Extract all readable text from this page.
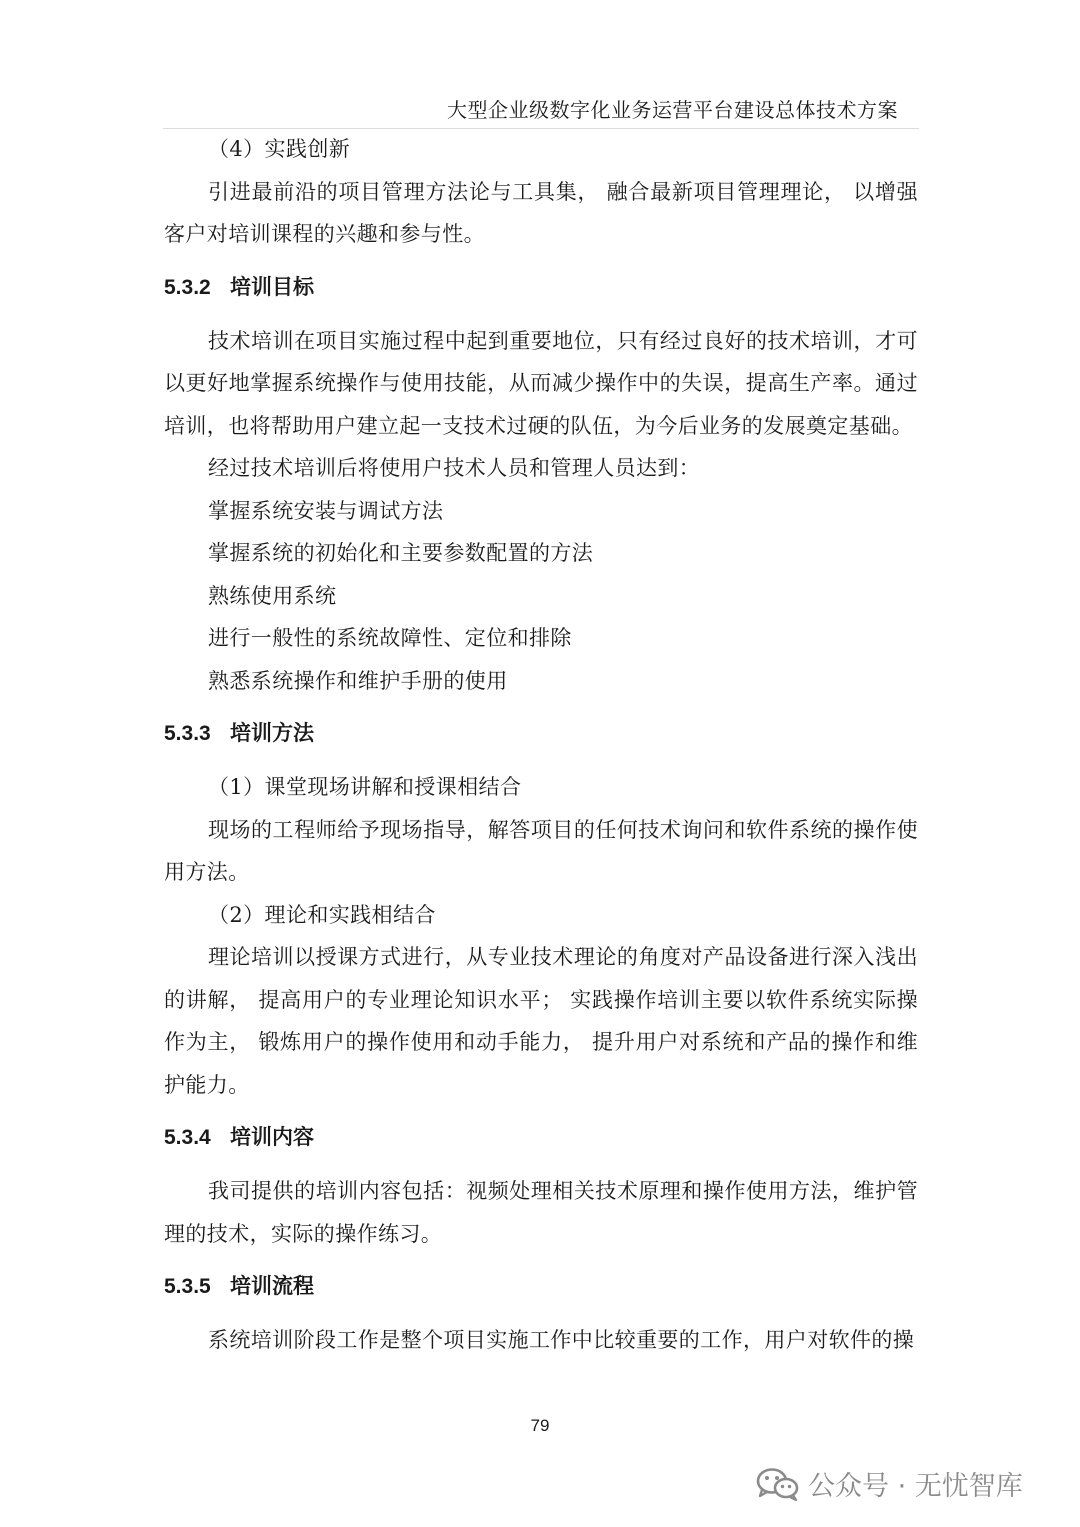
大型企业级数字化业务运营平台建设总体技术方案
（4）实践创新

引进最前沿的项目管理方法论与工具集， 融合最新项目管理理论， 以增强客户对培训课程的兴趣和参与性。

5.3.2 培训目标

技术培训在项目实施过程中起到重要地位，只有经过良好的技术培训，才可以更好地掌握系统操作与使用技能，从而减少操作中的失误，提高生产率。通过培训，也将帮助用户建立起一支技术过硬的队伍，为今后业务的发展奠定基础。

经过技术培训后将使用户技术人员和管理人员达到：

掌握系统安装与调试方法
掌握系统的初始化和主要参数配置的方法
熟练使用系统
进行一般性的系统故障性、定位和排除
熟悉系统操作和维护手册的使用
5.3.3 培训方法
（1）课堂现场讲解和授课相结合

现场的工程师给予现场指导，解答项目的任何技术询问和软件系统的操作使用方法。

（2）理论和实践相结合

理论培训以授课方式进行，从专业技术理论的角度对产品设备进行深入浅出的讲解， 提高用户的专业理论知识水平； 实践操作培训主要以软件系统实际操作为主， 锻炼用户的操作使用和动手能力， 提升用户对系统和产品的操作和维护能力。

5.3.4 培训内容

我司提供的培训内容包括：视频处理相关技术原理和操作使用方法，维护管理的技术，实际的操作练习。

5.3.5 培训流程

系统培训阶段工作是整个项目实施工作中比较重要的工作，用户对软件的操

79
公众号 · 无忧智库
